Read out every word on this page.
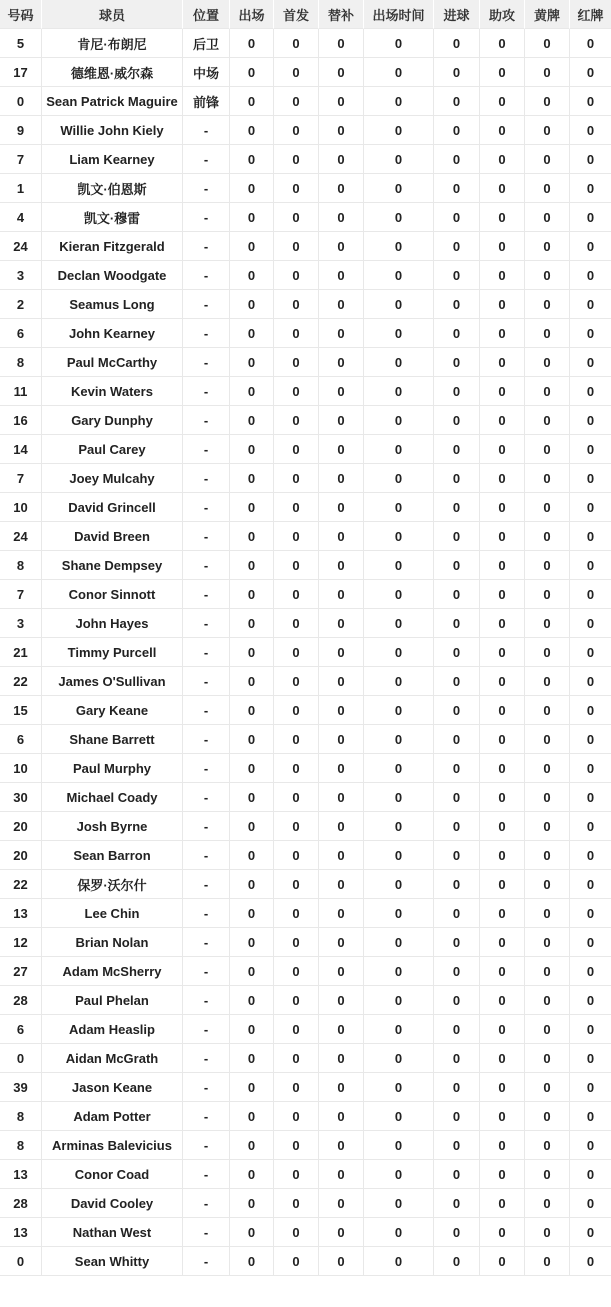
号码	球员	位置	出场	首发	替补	出场时间	进球	助攻	黄牌	红牌
5	肯尼·布朗尼	后卫	0	0	0	0	0	0	0	0
17	德维恩·威尔森	中场	0	0	0	0	0	0	0	0
0	Sean Patrick Maguire	前锋	0	0	0	0	0	0	0	0
9	Willie John Kiely	-	0	0	0	0	0	0	0	0
7	Liam Kearney	-	0	0	0	0	0	0	0	0
1	凯文·伯恩斯	-	0	0	0	0	0	0	0	0
4	凯文·穆雷	-	0	0	0	0	0	0	0	0
24	Kieran Fitzgerald	-	0	0	0	0	0	0	0	0
3	Declan Woodgate	-	0	0	0	0	0	0	0	0
2	Seamus Long	-	0	0	0	0	0	0	0	0
6	John Kearney	-	0	0	0	0	0	0	0	0
8	Paul McCarthy	-	0	0	0	0	0	0	0	0
11	Kevin Waters	-	0	0	0	0	0	0	0	0
16	Gary Dunphy	-	0	0	0	0	0	0	0	0
14	Paul Carey	-	0	0	0	0	0	0	0	0
7	Joey Mulcahy	-	0	0	0	0	0	0	0	0
10	David Grincell	-	0	0	0	0	0	0	0	0
24	David Breen	-	0	0	0	0	0	0	0	0
8	Shane Dempsey	-	0	0	0	0	0	0	0	0
7	Conor Sinnott	-	0	0	0	0	0	0	0	0
3	John Hayes	-	0	0	0	0	0	0	0	0
21	Timmy Purcell	-	0	0	0	0	0	0	0	0
22	James O'Sullivan	-	0	0	0	0	0	0	0	0
15	Gary Keane	-	0	0	0	0	0	0	0	0
6	Shane Barrett	-	0	0	0	0	0	0	0	0
10	Paul Murphy	-	0	0	0	0	0	0	0	0
30	Michael Coady	-	0	0	0	0	0	0	0	0
20	Josh Byrne	-	0	0	0	0	0	0	0	0
20	Sean Barron	-	0	0	0	0	0	0	0	0
22	保罗·沃尔什	-	0	0	0	0	0	0	0	0
13	Lee Chin	-	0	0	0	0	0	0	0	0
12	Brian Nolan	-	0	0	0	0	0	0	0	0
27	Adam McSherry	-	0	0	0	0	0	0	0	0
28	Paul Phelan	-	0	0	0	0	0	0	0	0
6	Adam Heaslip	-	0	0	0	0	0	0	0	0
0	Aidan McGrath	-	0	0	0	0	0	0	0	0
39	Jason Keane	-	0	0	0	0	0	0	0	0
8	Adam Potter	-	0	0	0	0	0	0	0	0
8	Arminas Balevicius	-	0	0	0	0	0	0	0	0
13	Conor Coad	-	0	0	0	0	0	0	0	0
28	David Cooley	-	0	0	0	0	0	0	0	0
13	Nathan West	-	0	0	0	0	0	0	0	0
0	Sean Whitty	-	0	0	0	0	0	0	0	0
